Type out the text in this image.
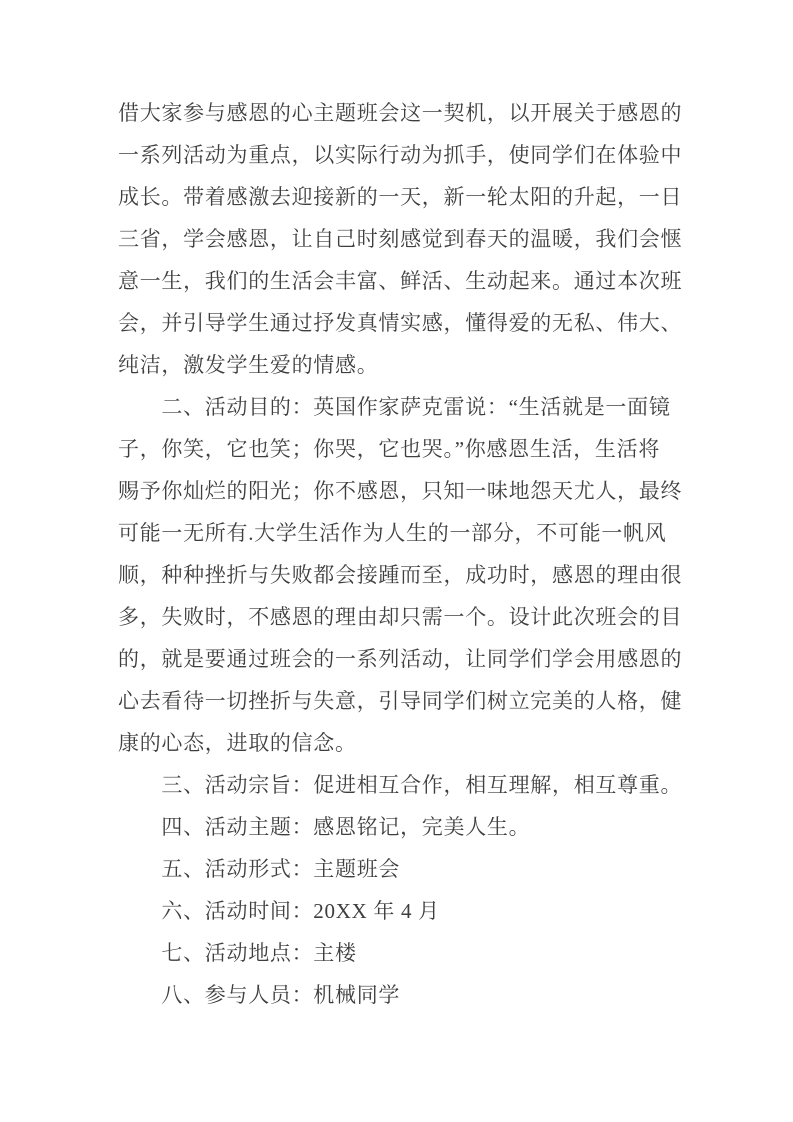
借大家参与感恩的心主题班会这一契机，以开展关于感恩的
一系列活动为重点，以实际行动为抓手，使同学们在体验中
成长。带着感激去迎接新的一天，新一轮太阳的升起，一日
三省，学会感恩，让自己时刻感觉到春天的温暖，我们会惬
意一生，我们的生活会丰富、鲜活、生动起来。通过本次班
会，并引导学生通过抒发真情实感，懂得爱的无私、伟大、
纯洁，激发学生爱的情感。
　　二、活动目的：英国作家萨克雷说：“生活就是一面镜
子，你笑，它也笑；你哭，它也哭。”你感恩生活，生活将
赐予你灿烂的阳光；你不感恩，只知一味地怨天尤人，最终
可能一无所有.大学生活作为人生的一部分，不可能一帆风
顺，种种挫折与失败都会接踵而至，成功时，感恩的理由很
多，失败时，不感恩的理由却只需一个。设计此次班会的目
的，就是要通过班会的一系列活动，让同学们学会用感恩的
心去看待一切挫折与失意，引导同学们树立完美的人格，健
康的心态，进取的信念。
　　三、活动宗旨：促进相互合作，相互理解，相互尊重。
　　四、活动主题：感恩铭记，完美人生。
　　五、活动形式：主题班会
　　六、活动时间：20XX 年 4 月
　　七、活动地点：主楼
　　八、参与人员：机械同学
